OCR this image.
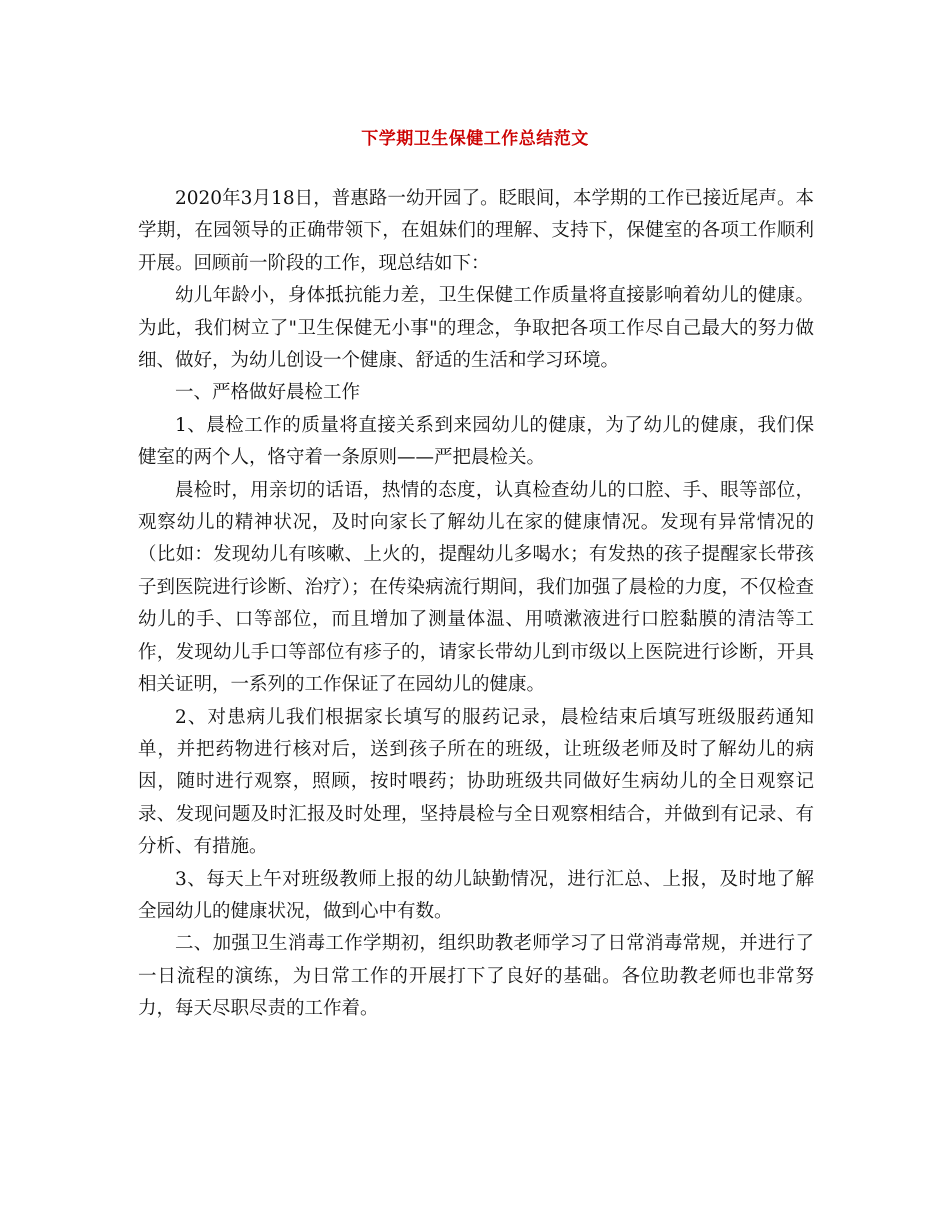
下学期卫生保健工作总结范文

2020年3月18日，普惠路一幼开园了。眨眼间，本学期的工作已接近尾声。本学期，在园领导的正确带领下，在姐妹们的理解、支持下，保健室的各项工作顺利开展。回顾前一阶段的工作，现总结如下：

幼儿年龄小，身体抵抗能力差，卫生保健工作质量将直接影响着幼儿的健康。为此，我们树立了"卫生保健无小事"的理念，争取把各项工作尽自己最大的努力做细、做好，为幼儿创设一个健康、舒适的生活和学习环境。

一、严格做好晨检工作

1、晨检工作的质量将直接关系到来园幼儿的健康，为了幼儿的健康，我们保健室的两个人，恪守着一条原则——严把晨检关。

晨检时，用亲切的话语，热情的态度，认真检查幼儿的口腔、手、眼等部位，观察幼儿的精神状况，及时向家长了解幼儿在家的健康情况。发现有异常情况的（比如：发现幼儿有咳嗽、上火的，提醒幼儿多喝水；有发热的孩子提醒家长带孩子到医院进行诊断、治疗）；在传染病流行期间，我们加强了晨检的力度，不仅检查幼儿的手、口等部位，而且增加了测量体温、用喷漱液进行口腔黏膜的清洁等工作，发现幼儿手口等部位有疹子的，请家长带幼儿到市级以上医院进行诊断，开具相关证明，一系列的工作保证了在园幼儿的健康。

2、对患病儿我们根据家长填写的服药记录，晨检结束后填写班级服药通知单，并把药物进行核对后，送到孩子所在的班级，让班级老师及时了解幼儿的病因，随时进行观察，照顾，按时喂药；协助班级共同做好生病幼儿的全日观察记录、发现问题及时汇报及时处理，坚持晨检与全日观察相结合，并做到有记录、有分析、有措施。

3、每天上午对班级教师上报的幼儿缺勤情况，进行汇总、上报，及时地了解全园幼儿的健康状况，做到心中有数。

二、加强卫生消毒工作学期初，组织助教老师学习了日常消毒常规，并进行了一日流程的演练，为日常工作的开展打下了良好的基础。各位助教老师也非常努力，每天尽职尽责的工作着。
